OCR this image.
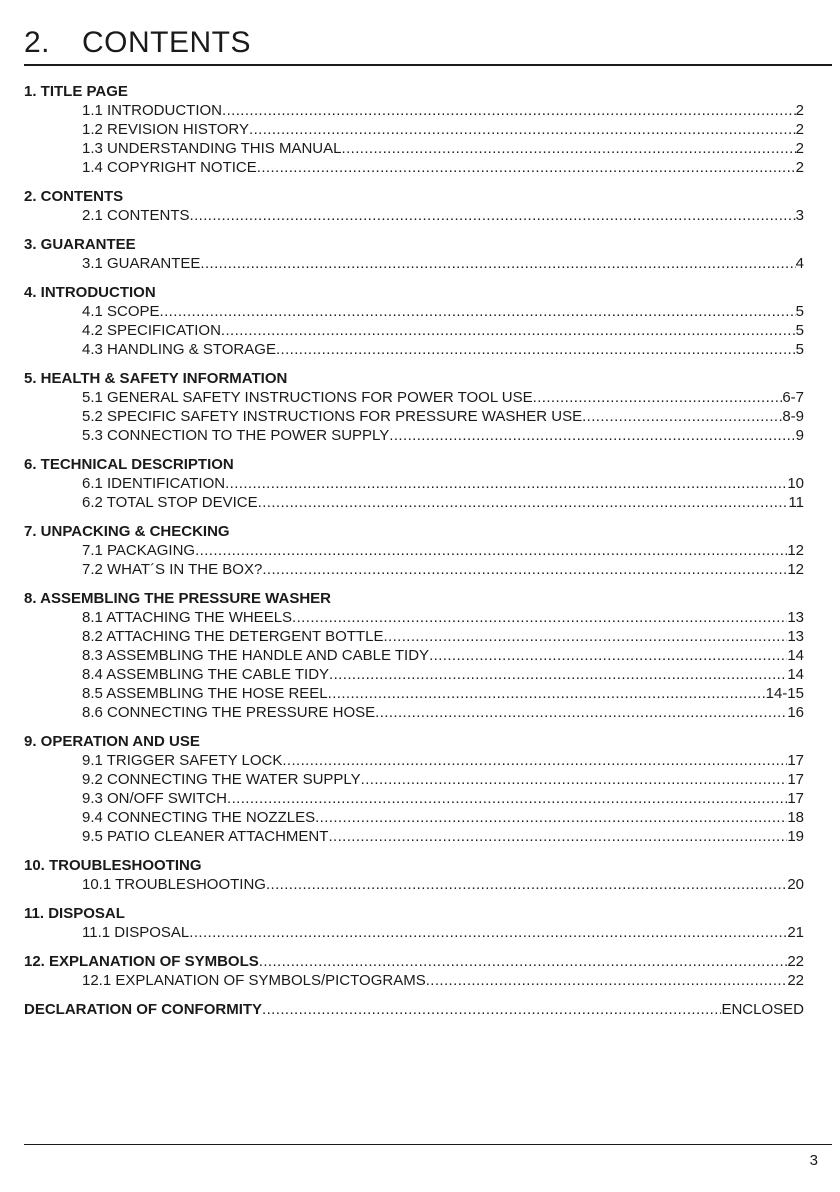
2. CONTENTS
1. TITLE PAGE
1.1 INTRODUCTION .....	2
1.2 REVISION HISTORY .....	2
1.3 UNDERSTANDING THIS MANUAL .....	2
1.4 COPYRIGHT NOTICE .....	2
2. CONTENTS
2.1 CONTENTS .....	3
3. GUARANTEE
3.1 GUARANTEE .....	4
4. INTRODUCTION
4.1 SCOPE .....	5
4.2 SPECIFICATION .....	5
4.3 HANDLING & STORAGE .....	5
5. HEALTH & SAFETY INFORMATION
5.1 GENERAL SAFETY INSTRUCTIONS FOR POWER TOOL USE .....	6-7
5.2 SPECIFIC SAFETY INSTRUCTIONS FOR PRESSURE WASHER USE .....	8-9
5.3 CONNECTION TO THE POWER SUPPLY .....	9
6. TECHNICAL DESCRIPTION
6.1 IDENTIFICATION .....	10
6.2 TOTAL STOP DEVICE .....	11
7. UNPACKING & CHECKING
7.1 PACKAGING .....	12
7.2 WHAT´S IN THE BOX? .....	12
8. ASSEMBLING THE PRESSURE WASHER
8.1 ATTACHING THE WHEELS .....	13
8.2 ATTACHING THE DETERGENT BOTTLE .....	13
8.3 ASSEMBLING THE HANDLE AND CABLE TIDY .....	14
8.4 ASSEMBLING THE CABLE TIDY .....	14
8.5 ASSEMBLING THE HOSE REEL .....	14-15
8.6 CONNECTING THE PRESSURE HOSE .....	16
9. OPERATION AND USE
9.1 TRIGGER SAFETY LOCK .....	17
9.2 CONNECTING THE WATER SUPPLY .....	17
9.3 ON/OFF SWITCH .....	17
9.4 CONNECTING THE NOZZLES .....	18
9.5 PATIO CLEANER ATTACHMENT .....	19
10. TROUBLESHOOTING
10.1 TROUBLESHOOTING .....	20
11. DISPOSAL
11.1 DISPOSAL .....	21
12. EXPLANATION OF SYMBOLS .....	22
12.1 EXPLANATION OF SYMBOLS/PICTOGRAMS .....	22
DECLARATION OF CONFORMITY .....	ENCLOSED
3
